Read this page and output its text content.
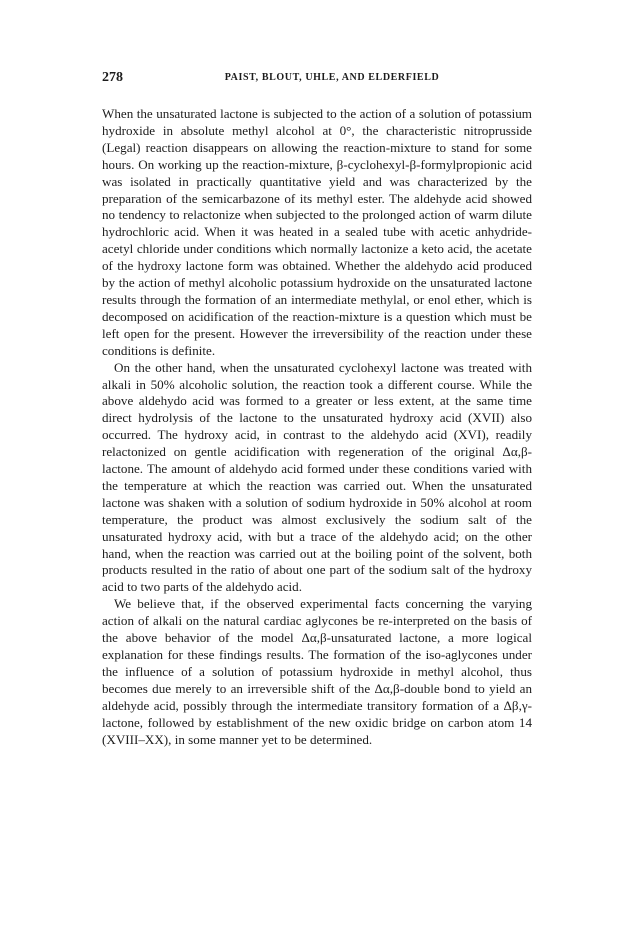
278	PAIST, BLOUT, UHLE, AND ELDERFIELD

When the unsaturated lactone is subjected to the action of a solution of potassium hydroxide in absolute methyl alcohol at 0°, the characteristic nitroprusside (Legal) reaction disappears on allowing the reaction-mixture to stand for some hours. On working up the reaction-mixture, β-cyclohexyl-β-formylpropionic acid was isolated in practically quantitative yield and was characterized by the preparation of the semicarbazone of its methyl ester. The aldehyde acid showed no tendency to relactonize when subjected to the prolonged action of warm dilute hydrochloric acid. When it was heated in a sealed tube with acetic anhydride-acetyl chloride under conditions which normally lactonize a keto acid, the acetate of the hydroxy lactone form was obtained. Whether the aldehydo acid produced by the action of methyl alcoholic potassium hydroxide on the unsaturated lactone results through the formation of an intermediate methylal, or enol ether, which is decomposed on acidification of the reaction-mixture is a question which must be left open for the present. However the irreversibility of the reaction under these conditions is definite.

On the other hand, when the unsaturated cyclohexyl lactone was treated with alkali in 50% alcoholic solution, the reaction took a different course. While the above aldehydo acid was formed to a greater or less extent, at the same time direct hydrolysis of the lactone to the unsaturated hydroxy acid (XVII) also occurred. The hydroxy acid, in contrast to the aldehydo acid (XVI), readily relactonized on gentle acidification with regeneration of the original Δα,β-lactone. The amount of aldehydo acid formed under these conditions varied with the temperature at which the reaction was carried out. When the unsaturated lactone was shaken with a solution of sodium hydroxide in 50% alcohol at room temperature, the product was almost exclusively the sodium salt of the unsaturated hydroxy acid, with but a trace of the aldehydo acid; on the other hand, when the reaction was carried out at the boiling point of the solvent, both products resulted in the ratio of about one part of the sodium salt of the hydroxy acid to two parts of the aldehydo acid.

We believe that, if the observed experimental facts concerning the varying action of alkali on the natural cardiac aglycones be re-interpreted on the basis of the above behavior of the model Δα,β-unsaturated lactone, a more logical explanation for these findings results. The formation of the iso-aglycones under the influence of a solution of potassium hydroxide in methyl alcohol, thus becomes due merely to an irreversible shift of the Δα,β-double bond to yield an aldehyde acid, possibly through the intermediate transitory formation of a Δβ,γ-lactone, followed by establishment of the new oxidic bridge on carbon atom 14 (XVIII–XX), in some manner yet to be determined.
